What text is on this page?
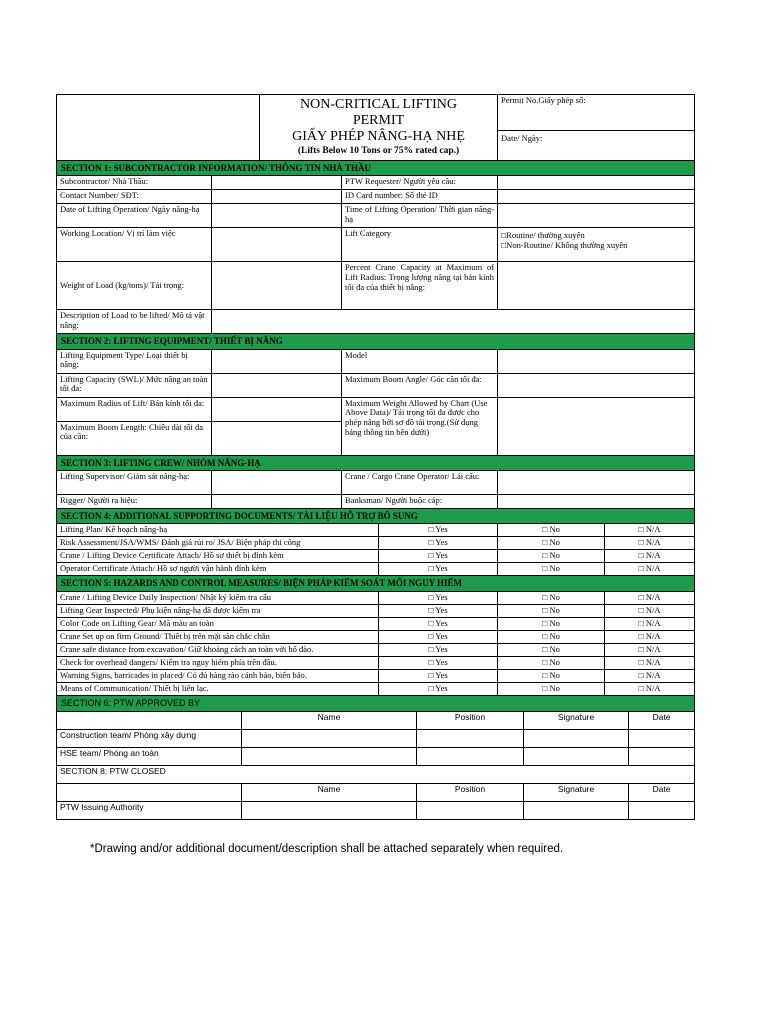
			NON-CRITICAL LIFTING
PERMIT
GIẤY PHÉP NÂNG-HẠ NHẸ
(Lifts Below 10 Tons or 75% rated cap.)				Permit No.Giấy phép số:
Date/ Ngày:			

SECTION 1: SUBCONTRACTOR INFORMATION/ THÔNG TIN NHÀ THẦU										
Subcontractor/ Nhà Thầu:				PTW Requester/ Người yêu cầu:						
Contact Number/ SĐT:				ID Card number: Số thẻ ID						
Date of Lifting Operation/ Ngày nâng-hạ				Time of Lifting Operation/ Thời gian nâng-hạ						
Working Location/ Vị trí làm việc				Lift Category			□Routine/ thường xuyên
□Non-Routine/ Không thường xuyên			
Weight of Load (kg/tons)/ Tải trọng:				Percent Crane Capacity at Maximum of Lift Radius: Trọng lượng nâng tại bán kính tối đa của thiết bị nâng:						
Description of Load to be lifted/ Mô tả vật nâng:										
SECTION 2: LIFTING EQUIPMENT/ THIẾT BỊ NÂNG										
Lifting Equipment Type/ Loại thiết bị nâng:				Model						
Lifting Capacity (SWL)/ Mức nâng an toàn tối đa:				Maximum Boom Angle/ Góc cần tối đa:						
Maximum Radius of Lift/ Bán kính tối đa:				Maximum Weight Allowed by Chart (Use Above Data)/ Tải trọng tối đa được cho phép nâng bởi sơ đồ tải trọng.(Sử dụng bảng thông tin bên dưới)						
Maximum Boom Length: Chiều dài tối đa của cần:										
SECTION 3: LIFTING CREW/ NHÓM NÂNG-HẠ										
Lifting Supervisor/ Giám sát nâng-hạ:				Crane / Cargo Crane Operator/ Lái cẩu:						
Rigger/ Người ra hiệu:				Banksman/ Người buộc cáp:						
SECTION 4: ADDITIONAL SUPPORTING DOCUMENTS/ TÀI LIỆU HỖ TRỢ BỔ SUNG										
Lifting Plan/ Kế hoạch nâng-hạ					□ Yes		□ No		□ N/A	
Risk Assessment/JSA/WMS/ Đánh giá rủi ro/ JSA/ Biện pháp thi công					□ Yes		□ No		□ N/A	
Crane / Lifting Device Certificate Attach/ Hồ sơ thiết bị đính kèm					□ Yes		□ No		□ N/A	
Operator Certificate Attach/ Hồ sơ người vận hành đính kèm					□ Yes		□ No		□ N/A	
SECTION 5: HAZARDS AND CONTROL MEASURES/ BIỆN PHÁP KIỂM SOÁT MỐI NGUY HIỂM										
Crane / Lifting Device Daily Inspection/ Nhật ký kiểm tra cẩu					□ Yes		□ No		□ N/A	
Lifting Gear Inspected/ Phụ kiện nâng-hạ đã được kiểm tra					□ Yes		□ No		□ N/A	
Color Code on Lifting Gear/ Mã màu an toàn					□ Yes		□ No		□ N/A	
Crane Set up on firm Ground/ Thiết bị trên mặt sàn chắc chắn					□ Yes		□ No		□ N/A	
Crane safe distance from excavation/ Giữ khoảng cách an toàn với hố đào.					□ Yes		□ No		□ N/A	
Check for overhead dangers/ Kiểm tra nguy hiểm phía trên đầu.					□ Yes		□ No		□ N/A	
Warning Signs, barricades in placed/ Có đủ hàng rào cảnh báo, biển báo.					□ Yes		□ No		□ N/A	
Means of Communication/ Thiết bị liên lạc.					□ Yes		□ No		□ N/A	
SECTION 6: PTW APPROVED BY										
		Name				Position		Signature		Date
Construction team/ Phòng xây dựng										
HSE team/ Phòng an toàn										
SECTION 8: PTW CLOSED										
		Name				Position		Signature		Date
PTW Issuing Authority										
*Drawing and/or additional document/description shall be attached separately when required.
